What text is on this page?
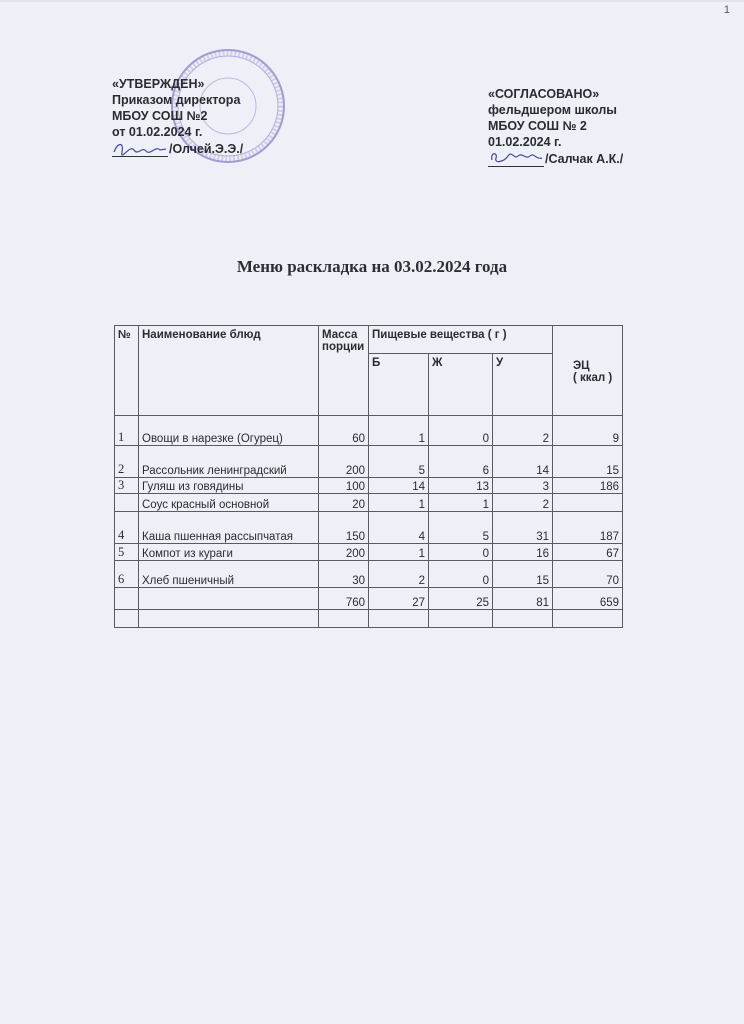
1
«УТВЕРЖДЕН»
Приказом директора
МБОУ СОШ №2
от 01.02.2024 г.
/Олчей.Э.Э./
«СОГЛАСОВАНО»
фельдшером школы
МБОУ СОШ № 2
01.02.2024 г.
/Салчак А.К./
Меню раскладка на 03.02.2024 года
№	Наименование блюд	Масса порции	Пищевые вещества ( г )			ЭЦ
( ккал )

			Б	Ж	У	
1	Овощи в нарезке (Огурец)	60	1	0	2	9
2	Рассольник ленинградский	200	5	6	14	15
3	Гуляш из говядины	100	14	13	3	186
	Соус красный основной	20	1	1	2	
4	Каша пшенная рассыпчатая	150	4	5	31	187
5	Компот из кураги	200	1	0	16	67
6	Хлеб пшеничный	30	2	0	15	70
		760	27	25	81	659
